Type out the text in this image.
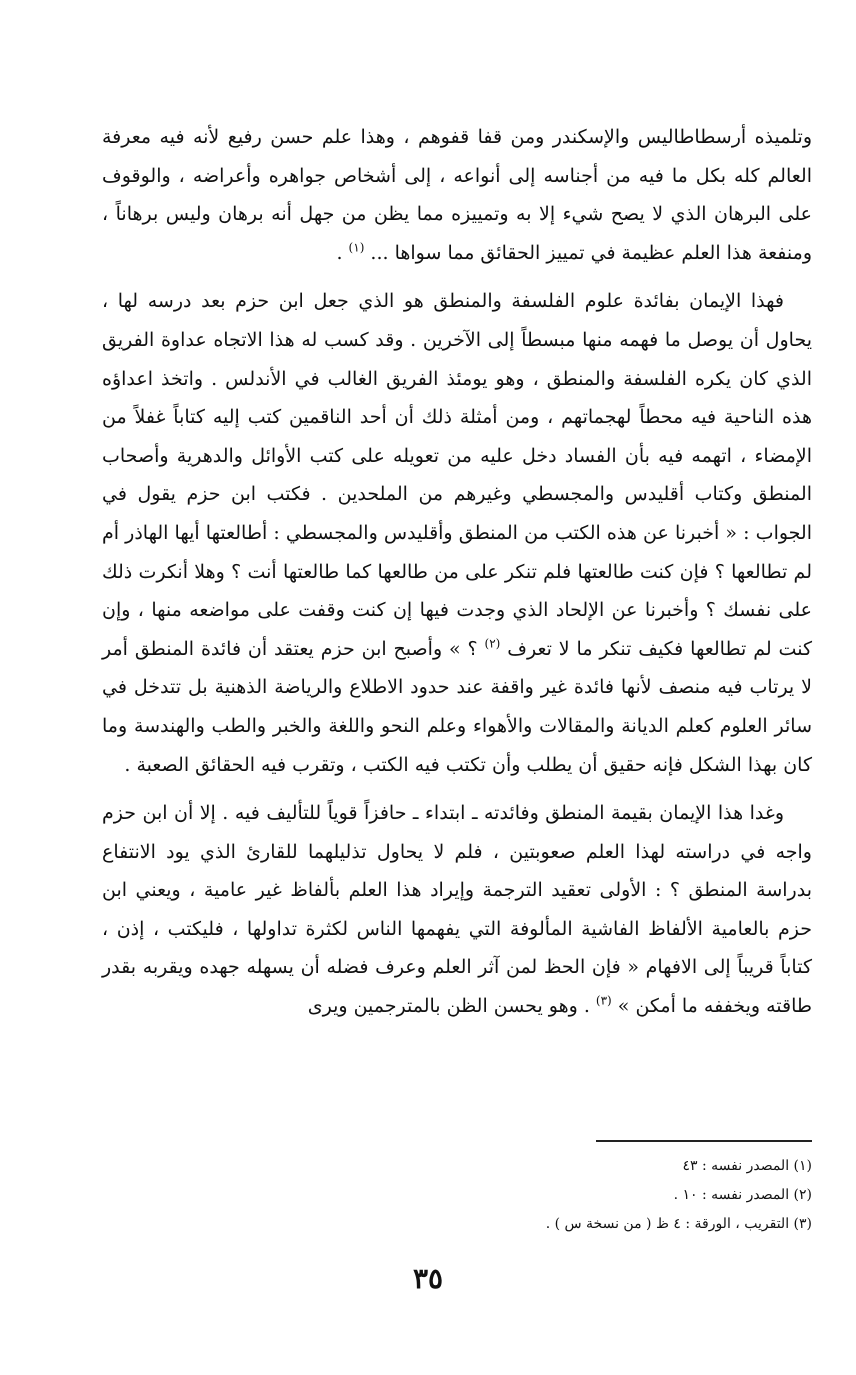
وتلميذه أرسطاطاليس والإسكندر ومن قفا قفوهم ، وهذا علم حسن رفيع لأنه فيه معرفة العالم كله بكل ما فيه من أجناسه إلى أنواعه ، إلى أشخاص جواهره وأعراضه ، والوقوف على البرهان الذي لا يصح شيء إلا به وتمييزه مما يظن من جهل أنه برهان وليس برهاناً ، ومنفعة هذا العلم عظيمة في تمييز الحقائق مما سواها ... $^{(١)}$ .

فهذا الإيمان بفائدة علوم الفلسفة والمنطق هو الذي جعل ابن حزم بعد درسه لها ، يحاول أن يوصل ما فهمه منها مبسطاً إلى الآخرين . وقد كسب له هذا الاتجاه عداوة الفريق الذي كان يكره الفلسفة والمنطق ، وهو يومئذ الفريق الغالب في الأندلس . واتخذ اعداؤه هذه الناحية فيه محطاً لهجماتهم ، ومن أمثلة ذلك أن أحد الناقمين كتب إليه كتاباً غفلاً من الإمضاء ، اتهمه فيه بأن الفساد دخل عليه من تعويله على كتب الأوائل والدهرية وأصحاب المنطق وكتاب أقليدس والمجسطي وغيرهم من الملحدين . فكتب ابن حزم يقول في الجواب : « أخبرنا عن هذه الكتب من المنطق وأقليدس والمجسطي : أطالعتها أيها الهاذر أم لم تطالعها ؟ فإن كنت طالعتها فلم تنكر على من طالعها كما طالعتها أنت ؟ وهلا أنكرت ذلك على نفسك ؟ وأخبرنا عن الإلحاد الذي وجدت فيها إن كنت وقفت على مواضعه منها ، وإن كنت لم تطالعها فكيف تنكر ما لا تعرف $^{(٢)}$ ؟ » وأصبح ابن حزم يعتقد أن فائدة المنطق أمر لا يرتاب فيه منصف لأنها فائدة غير واقفة عند حدود الاطلاع والرياضة الذهنية بل تتدخل في سائر العلوم كعلم الديانة والمقالات والأهواء وعلم النحو واللغة والخبر والطب والهندسة وما كان بهذا الشكل فإنه حقيق أن يطلب وأن تكتب فيه الكتب ، وتقرب فيه الحقائق الصعبة .

وغدا هذا الإيمان بقيمة المنطق وفائدته ـ ابتداء ـ حافزاً قوياً للتأليف فيه . إلا أن ابن حزم واجه في دراسته لهذا العلم صعوبتين ، فلم لا يحاول تذليلهما للقارئ الذي يود الانتفاع بدراسة المنطق ؟ : الأولى تعقيد الترجمة وإيراد هذا العلم بألفاظ غير عامية ، ويعني ابن حزم بالعامية الألفاظ الفاشية المألوفة التي يفهمها الناس لكثرة تداولها ، فليكتب ، إذن ، كتاباً قريباً إلى الافهام « فإن الحظ لمن آثر العلم وعرف فضله أن يسهله جهده ويقربه بقدر طاقته ويخففه ما أمكن » $^{(٣)}$ . وهو يحسن الظن بالمترجمين ويرى

(١) المصدر نفسه : ٤٣
(٢) المصدر نفسه : ١٠ .
(٣) التقريب ، الورقة : ٤ ظ ( من نسخة س ) .
٣٥
